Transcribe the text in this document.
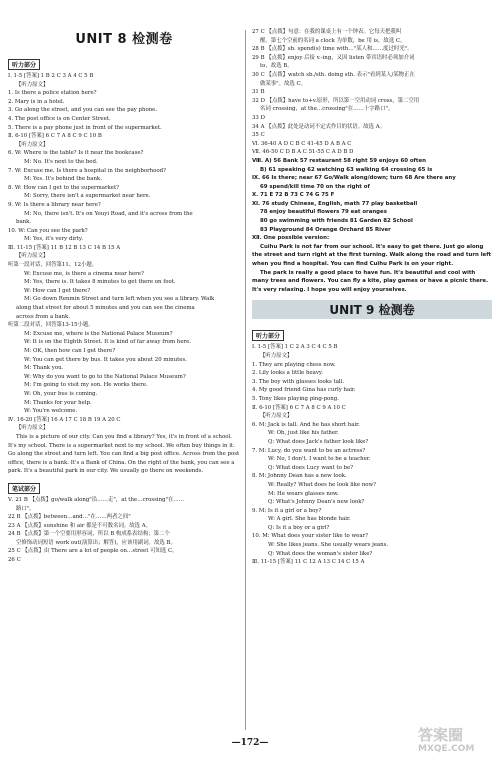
UNIT 8 检测卷
听力部分
Ⅰ. 1-5 [答案] 1 B 2 C 3 A 4 C 5 B
【听力原文】
1. Is there a police station here?
2. Mary is in a hotel.
3. Go along the street, and you can see the pay phone.
4. The post office is on Center Street.
5. There is a pay phone just in front of the supermarket.
Ⅱ. 6-10 [答案] 6 C 7 A 8 C 9 C 10 B
【听力原文】
6. W: Where is the table? Is it near the bookcase?
M: No. It's next to the bed.
7. W: Excuse me. Is there a hospital in the neighborhood?
M: Yes. It's behind the bank.
8. W: How can I get to the supermarket?
M: Sorry, there isn't a supermarket near here.
9. W: Is there a library near here?
M: No, there isn't. It's on Youyi Road, and it's across from the
bank.
10. W: Can you see the park?
M: Yes, it's very dirty.
Ⅲ. 11-15 [答案] 11 B 12 B 13 C 14 B 15 A
【听力原文】
听第一段对话，回答第11、12小题。
W: Excuse me, is there a cinema near here?
M: Yes, there is. It takes 8 minutes to get there on foot.
W: How can I get there?
M: Go down Renmin Street and turn left when you see a library. Walk
along that street for about 5 minutes and you can see the cinema
across from a bank.
听第二段对话，回答第13-15小题。
M: Excuse me, where is the National Palace Museum?
W: It is on the Eighth Street. It is kind of far away from here.
M: OK, then how can I get there?
W: You can get there by bus. It takes you about 20 minutes.
M: Thank you.
W: Why do you want to go to the National Palace Museum?
M: I'm going to visit my son. He works there.
W: Oh, your bus is coming.
M: Thanks for your help.
W: You're welcome.
Ⅳ. 16-20 [答案] 16 A 17 C 18 B 19 A 20 C
【听力原文】

This is a picture of our city. Can you find a library? Yes, it's in front of a school. It's my school. There is a supermarket next to my school. We often buy things in it. Go along the street and turn left. You can find a big post office. Across from the post office, there is a bank. It's a Bank of China. On the right of the bank, you can see a park. It's a beautiful park in our city. We usually go there on weekends.

笔试部分
Ⅴ. 21 B 【点拨】go/walk along"沿……走"，at the…crossing"在……
路口"。
22 B 【点拨】between…and…"在……两者之间"
23 A 【点拨】sunshine 和 air 都是不可数名词。故选 A。
24 B 【点拨】第一个空要用形容词，所以 B 构成系表结构；第二个
空修饰动词短语 work out(演算出；解答)，应该用副词。故选 B。
25 C 【点拨】由 There are a lot of people on…street 可知选 C。
26 C
27 C 【点拨】句意：在我的课桌上有一个钟表。它每天把我叫
醒。第七个空前的名词 a clock 为单数，be 用 is，故选 C。
28 B 【点拨】sb. spend(s) time with…"某人和……度过时光"。
29 B 【点拨】enjoy 后接 v.-ing，又因 listen 带宾语时必须加介词
to，故选 B。
30 C 【点拨】watch sb./sth. doing sth. 表示"看到某人/某物正在
做某事"。故选 C。
31 B
32 D 【点拨】have to+v.原形，所以第一空用动词 cross，第二空用
名词 crossing，at the…crossing"在……十字路口"。
33 D
34 A 【点拨】此处是动词不定式作目的状语。故选 A。
35 C
Ⅵ. 36-40 A D C B C 41-45 D A B A C
Ⅶ. 46-50 C D B A C 51-55 C A D B D
Ⅷ. A) 56 Bank 57 restaurant 58 right 59 enjoys 60 often
B) 61 speaking 62 watching 63 walking 64 crossing 65 is
Ⅸ. 66 Is there; near 67 Go/Walk along/down; turn 68 Are there any
69 spend/kill time 70 on the right of
Ⅹ. 71 E 72 B 73 C 74 G 75 F
Ⅺ. 76 study Chinese, English, math 77 play basketball
78 enjoy beautiful flowers 79 eat oranges
80 go swimming with friends 81 Garden 82 School
83 Playground 84 Orange Orchard 85 River
Ⅻ. One possible version:

Cuihu Park is not far from our school. It's easy to get there. Just go along the street and turn right at the first turning. Walk along the road and turn left when you find a hospital. You can find Cuihu Park is on your right.

The park is really a good place to have fun. It's beautiful and cool with many trees and flowers. You can fly a kite, play games or have a picnic there. It's very relaxing. I hope you will enjoy yourselves.

UNIT 9 检测卷
听力部分
Ⅰ. 1-5 [答案] 1 C 2 A 3 C 4 C 5 B
【听力原文】
1. They are playing chess now.
2. Lily looks a little heavy.
3. The boy with glasses looks tall.
4. My good friend Gina has curly hair.
5. Tony likes playing ping-pong.
Ⅱ. 6-10 [答案] 6 C 7 A 8 C 9 A 10 C
【听力原文】
6. M: Jack is tall. And he has short hair.
W: Oh, just like his father.
Q: What does Jack's father look like?
7. M: Lucy, do you want to be an actress?
W: No, I don't. I want to be a teacher.
Q: What does Lucy want to be?
8. M: Johnny Dean has a new look.
W: Really? What does he look like now?
M: He wears glasses now.
Q: What's Johnny Dean's new look?
9. M: Is it a girl or a boy?
W: A girl. She has blonde hair.
Q: Is it a boy or a girl?
10. M: What does your sister like to wear?
W: She likes jeans. She usually wears jeans.
Q: What does the woman's sister like?
Ⅲ. 11-15 [答案] 11 C 12 A 13 C 14 C 15 A
—172—	答案圈
MXQE.COM
